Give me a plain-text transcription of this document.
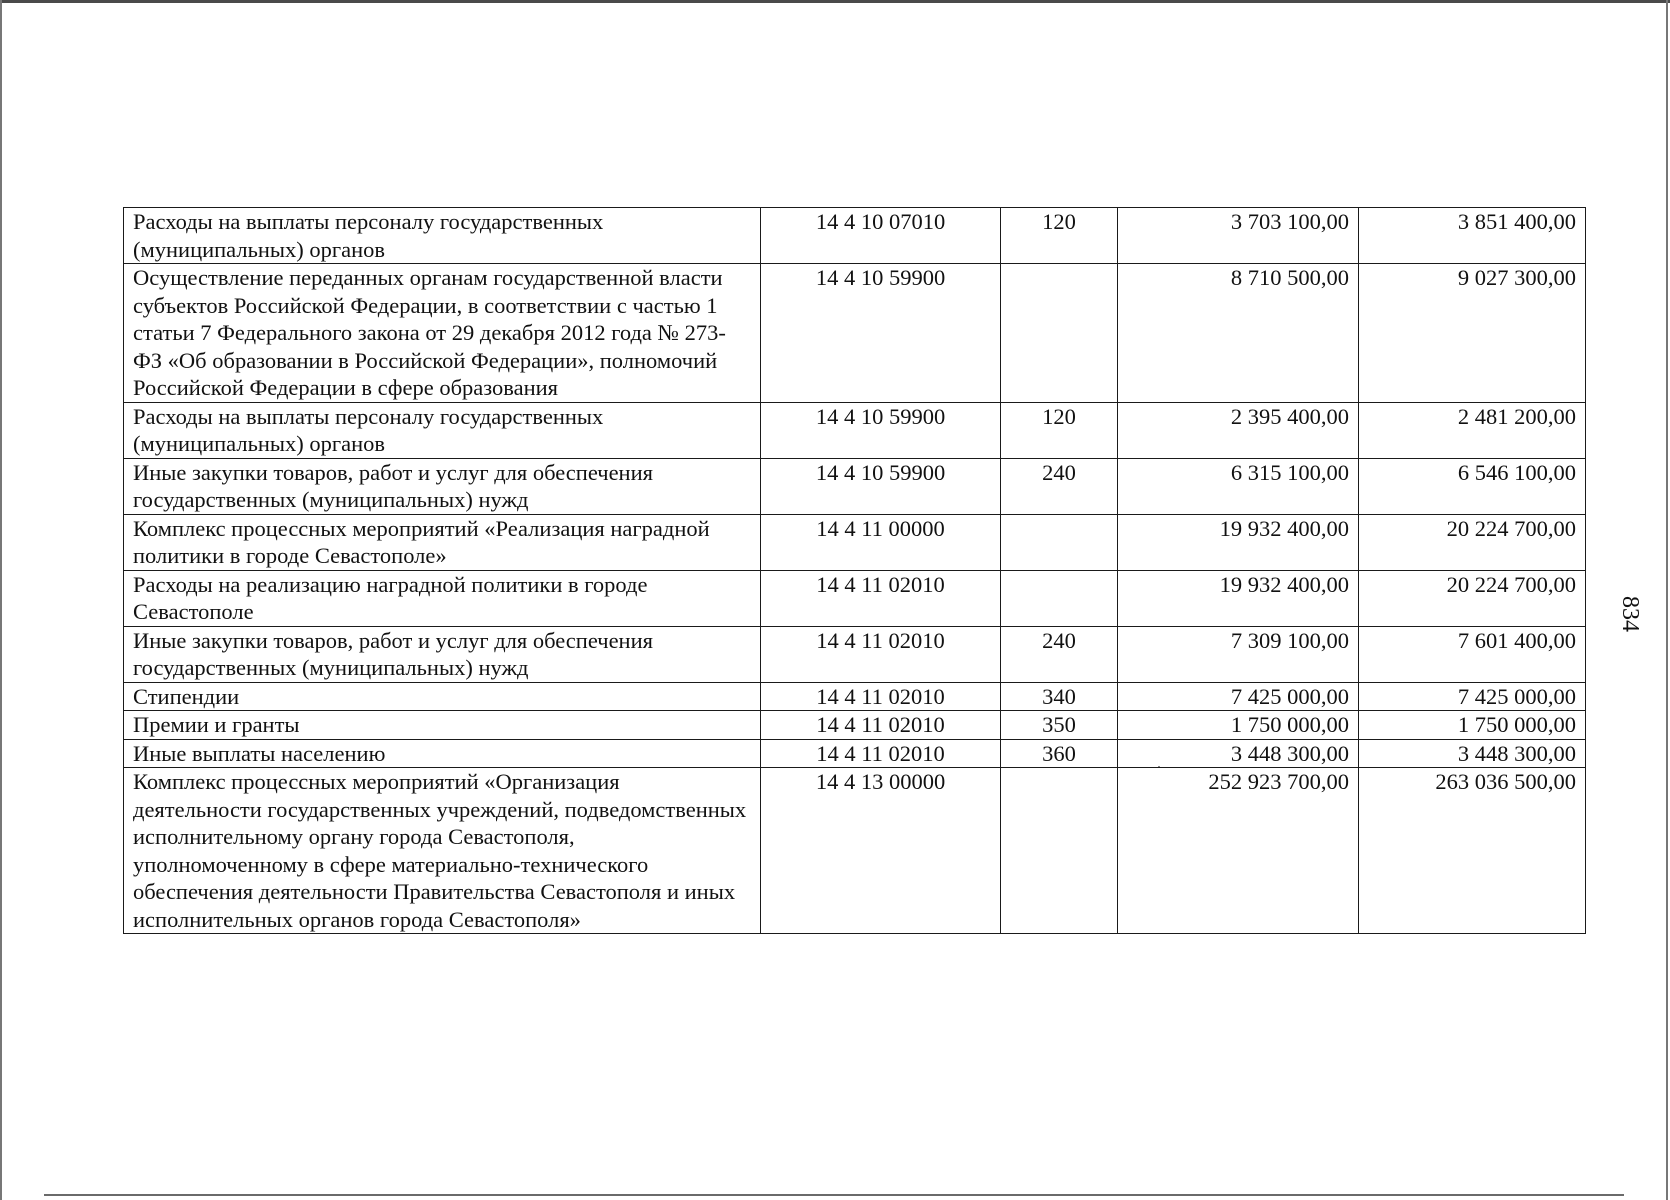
Расходы на выплаты персоналу государственных (муниципальных) органов	14 4 10 07010	120	3 703 100,00	3 851 400,00
Осуществление переданных органам государственной власти субъектов Российской Федерации, в соответствии с частью 1 статьи 7 Федерального закона от 29 декабря 2012 года № 273-ФЗ «Об образовании в Российской Федерации», полномочий Российской Федерации в сфере образования	14 4 10 59900		8 710 500,00	9 027 300,00
Расходы на выплаты персоналу государственных (муниципальных) органов	14 4 10 59900	120	2 395 400,00	2 481 200,00
Иные закупки товаров, работ и услуг для обеспечения государственных (муниципальных) нужд	14 4 10 59900	240	6 315 100,00	6 546 100,00
Комплекс процессных мероприятий «Реализация наградной политики в городе Севастополе»	14 4 11 00000		19 932 400,00	20 224 700,00
Расходы на реализацию наградной политики в городе Севастополе	14 4 11 02010		19 932 400,00	20 224 700,00
Иные закупки товаров, работ и услуг для обеспечения государственных (муниципальных) нужд	14 4 11 02010	240	7 309 100,00	7 601 400,00
Стипендии	14 4 11 02010	340	7 425 000,00	7 425 000,00
Премии и гранты	14 4 11 02010	350	1 750 000,00	1 750 000,00
Иные выплаты населению	14 4 11 02010	360	3 448 300,00	3 448 300,00
Комплекс процессных мероприятий «Организация деятельности государственных учреждений, подведомственных исполнительному органу города Севастополя, уполномоченному в сфере материально-технического обеспечения деятельности Правительства Севастополя и иных исполнительных органов города Севастополя»	14 4 13 00000		252 923 700,00	263 036 500,00
834
